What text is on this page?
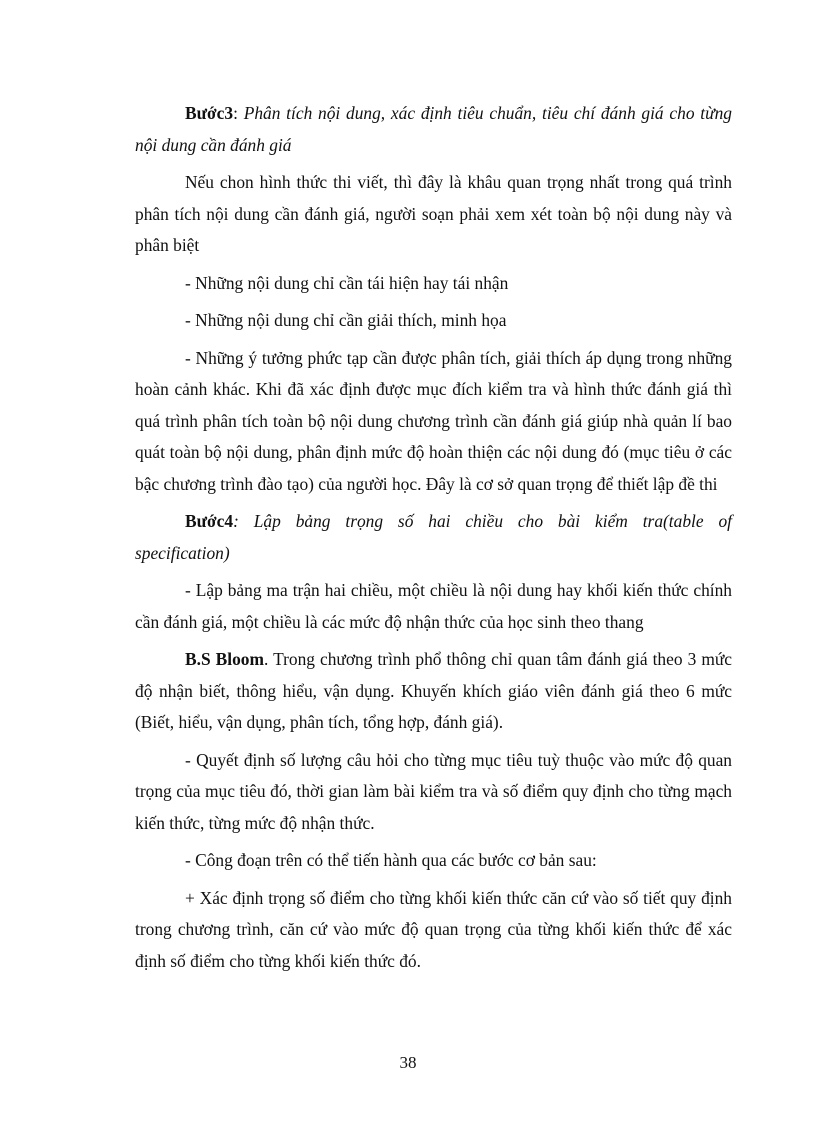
Bước3: Phân tích nội dung, xác định tiêu chuẩn, tiêu chí đánh giá cho từng nội dung cần đánh giá

Nếu chon hình thức thi viết, thì đây là khâu quan trọng nhất trong quá trình phân tích nội dung cần đánh giá, người soạn phải xem xét toàn bộ nội dung này và phân biệt

- Những nội dung chỉ cần tái hiện hay tái nhận

- Những nội dung chỉ cần giải thích, minh họa

- Những ý tưởng phức tạp cần được phân tích, giải thích áp dụng trong những hoàn cảnh khác. Khi đã xác định được mục đích kiểm tra và hình thức đánh giá thì quá trình phân tích toàn bộ nội dung chương trình cần đánh giá giúp nhà quản lí bao quát toàn bộ nội dung, phân định mức độ hoàn thiện các nội dung đó (mục tiêu ở các bậc chương trình đào tạo) của người học. Đây là cơ sở quan trọng để thiết lập đề thi

Bước4: Lập bảng trọng số hai chiều cho bài kiểm tra(table of specification)

- Lập bảng ma trận hai chiều, một chiều là nội dung hay khối kiến thức chính cần đánh giá, một chiều là các mức độ nhận thức của học sinh theo thang

B.S Bloom. Trong chương trình phổ thông chỉ quan tâm đánh giá theo 3 mức độ nhận biết, thông hiểu, vận dụng. Khuyến khích giáo viên đánh giá theo 6 mức (Biết, hiểu, vận dụng, phân tích, tổng hợp, đánh giá).

- Quyết định số lượng câu hỏi cho từng mục tiêu tuỳ thuộc vào mức độ quan trọng của mục tiêu đó, thời gian làm bài kiểm tra và số điểm quy định cho từng mạch kiến thức, từng mức độ nhận thức.

- Công đoạn trên có thể tiến hành qua các bước cơ bản sau:

+ Xác định trọng số điểm cho từng khối kiến thức căn cứ vào số tiết quy định trong chương trình, căn cứ vào mức độ quan trọng của từng khối kiến thức để xác định số điểm cho từng khối kiến thức đó.

38
